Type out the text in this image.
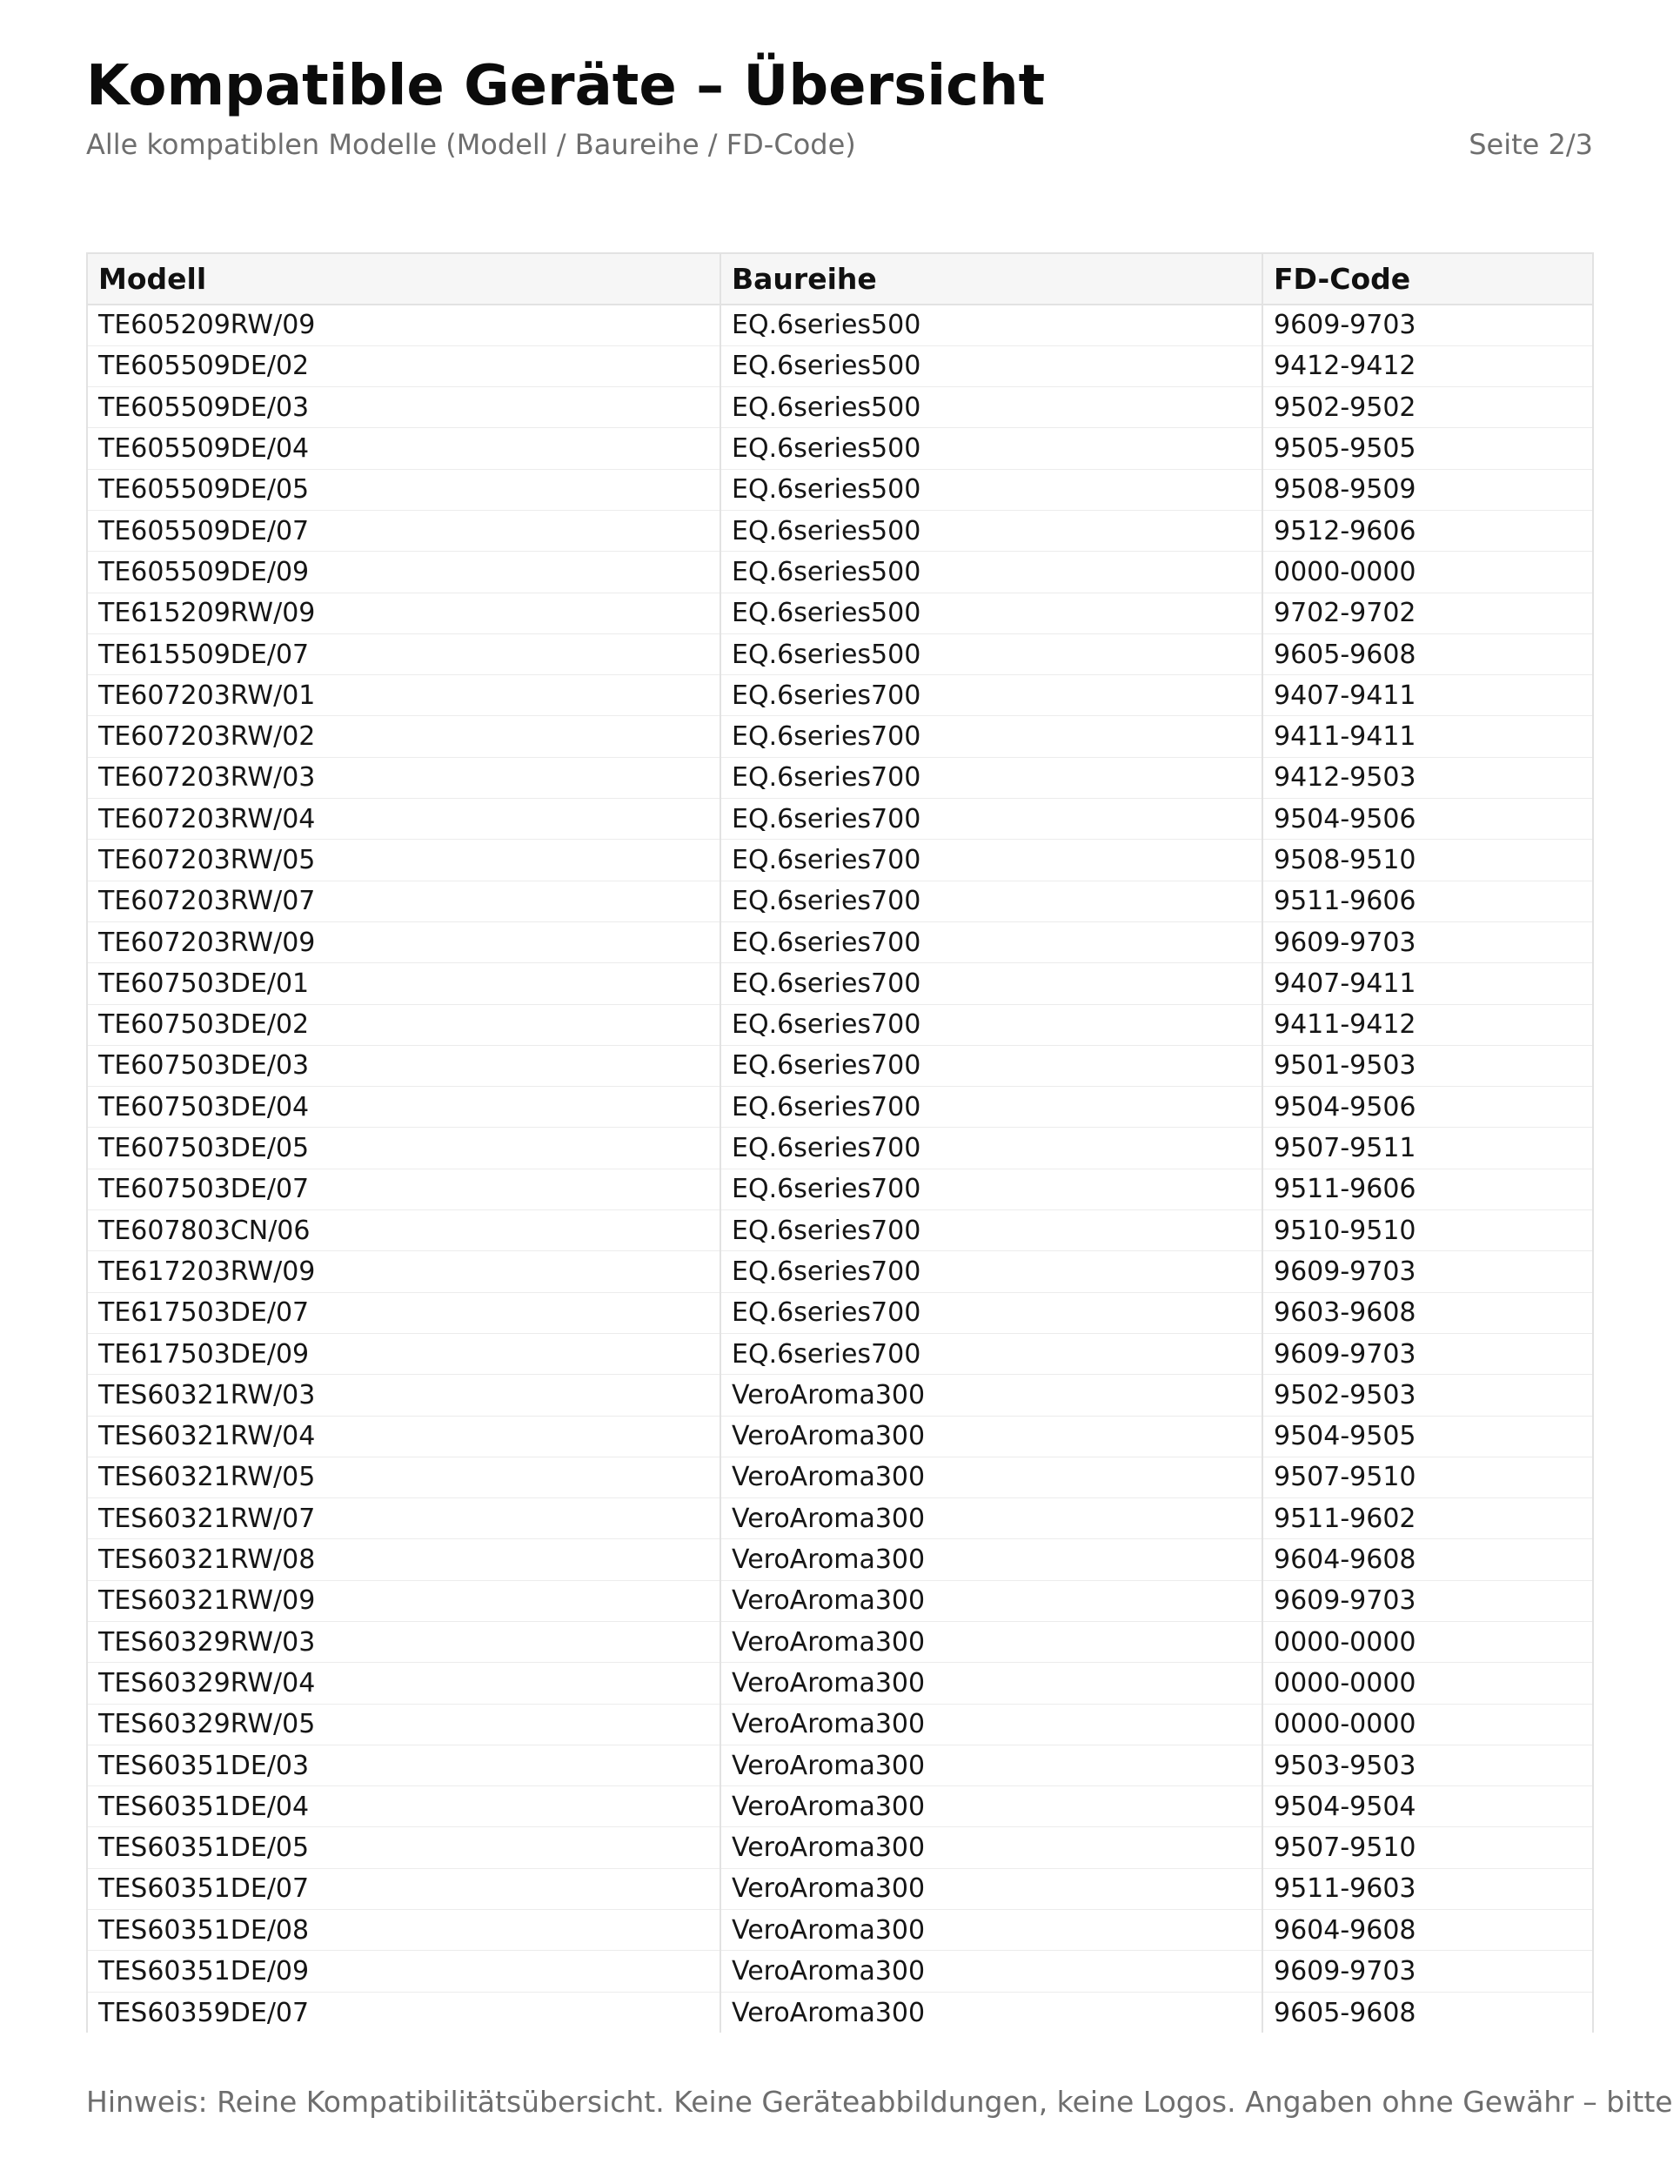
Kompatible Geräte – Übersicht
Alle kompatiblen Modelle (Modell / Baureihe / FD-Code)	Seite 2/3
Modell	Baureihe	FD-Code
TE605209RW/09	EQ.6series500	9609-9703
TE605509DE/02	EQ.6series500	9412-9412
TE605509DE/03	EQ.6series500	9502-9502
TE605509DE/04	EQ.6series500	9505-9505
TE605509DE/05	EQ.6series500	9508-9509
TE605509DE/07	EQ.6series500	9512-9606
TE605509DE/09	EQ.6series500	0000-0000
TE615209RW/09	EQ.6series500	9702-9702
TE615509DE/07	EQ.6series500	9605-9608
TE607203RW/01	EQ.6series700	9407-9411
TE607203RW/02	EQ.6series700	9411-9411
TE607203RW/03	EQ.6series700	9412-9503
TE607203RW/04	EQ.6series700	9504-9506
TE607203RW/05	EQ.6series700	9508-9510
TE607203RW/07	EQ.6series700	9511-9606
TE607203RW/09	EQ.6series700	9609-9703
TE607503DE/01	EQ.6series700	9407-9411
TE607503DE/02	EQ.6series700	9411-9412
TE607503DE/03	EQ.6series700	9501-9503
TE607503DE/04	EQ.6series700	9504-9506
TE607503DE/05	EQ.6series700	9507-9511
TE607503DE/07	EQ.6series700	9511-9606
TE607803CN/06	EQ.6series700	9510-9510
TE617203RW/09	EQ.6series700	9609-9703
TE617503DE/07	EQ.6series700	9603-9608
TE617503DE/09	EQ.6series700	9609-9703
TES60321RW/03	VeroAroma300	9502-9503
TES60321RW/04	VeroAroma300	9504-9505
TES60321RW/05	VeroAroma300	9507-9510
TES60321RW/07	VeroAroma300	9511-9602
TES60321RW/08	VeroAroma300	9604-9608
TES60321RW/09	VeroAroma300	9609-9703
TES60329RW/03	VeroAroma300	0000-0000
TES60329RW/04	VeroAroma300	0000-0000
TES60329RW/05	VeroAroma300	0000-0000
TES60351DE/03	VeroAroma300	9503-9503
TES60351DE/04	VeroAroma300	9504-9504
TES60351DE/05	VeroAroma300	9507-9510
TES60351DE/07	VeroAroma300	9511-9603
TES60351DE/08	VeroAroma300	9604-9608
TES60351DE/09	VeroAroma300	9609-9703
TES60359DE/07	VeroAroma300	9605-9608
Hinweis: Reine Kompatibilitätsübersicht. Keine Geräteabbildungen, keine Logos. Angaben ohne Gewähr – bitte
